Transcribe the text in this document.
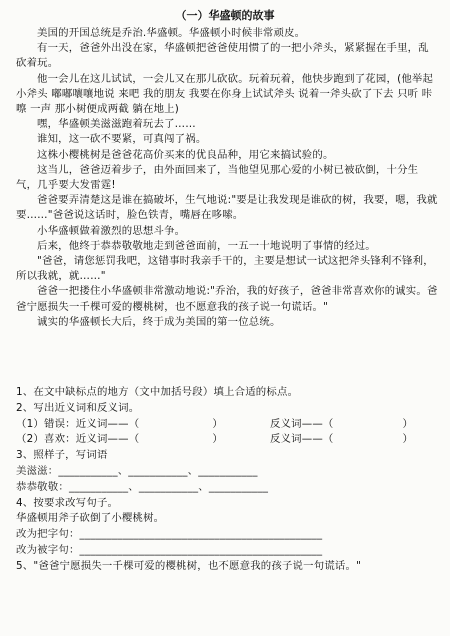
（一）华盛顿的故事

美国的开国总统是乔治.华盛顿。华盛顿小时候非常顽皮。

有一天，爸爸外出没在家，华盛顿把爸爸使用惯了的一把小斧头，紧紧握在手里，乱砍着玩。

他一会儿在这儿试试，一会儿又在那儿砍砍。玩着玩着，他快步跑到了花园，(他举起小斧头 嘟嘟嚷嚷地说 来吧 我的朋友 我要在你身上试试斧头 说着一斧头砍了下去 只听 咔嚓 一声 那小树便成两截 躺在地上)

嘿，华盛顿美滋滋跑着玩去了……

谁知，这一砍不要紧，可真闯了祸。

这株小樱桃树是爸爸花高价买来的优良品种，用它来搞试验的。

这当儿，爸爸迈着步子，由外面回来了，当他望见那心爱的小树已被砍倒，十分生气，几乎要大发雷霆!

爸爸要弄清楚这是谁在搞破坏，生气地说:"要是让我发现是谁砍的树，我要，嗯，我就要……"爸爸说这话时，脸色铁青，嘴唇在哆嗦。

小华盛顿做着激烈的思想斗争。

后来，他终于恭恭敬敬地走到爸爸面前，一五一十地说明了事情的经过。

"爸爸，请您惩罚我吧，这错事时我亲手干的，主要是想试一试这把斧头锋利不锋利，所以我就，就……"

爸爸一把搂住小华盛顿非常激动地说:"乔治，我的好孩子，爸爸非常喜欢你的诚实。爸爸宁愿损失一千棵可爱的樱桃树，也不愿意我的孩子说一句谎话。"

诚实的华盛顿长大后，终于成为美国的第一位总统。

1、在文中缺标点的地方（文中加括号段）填上合适的标点。
2、写出近义词和反义词。
（1）错误：近义词——（	）	反义词——（	）
（2）喜欢：近义词——（	）	反义词——（	）
3、照样子，写词语
美滋滋：___________、___________、___________
恭恭敬敬：___________、___________、___________
4、按要求改写句子。
华盛顿用斧子砍倒了小樱桃树。
改为把字句：_____________________________________________
改为被字句：_____________________________________________
5、"爸爸宁愿损失一千棵可爱的樱桃树，也不愿意我的孩子说一句谎话。"
